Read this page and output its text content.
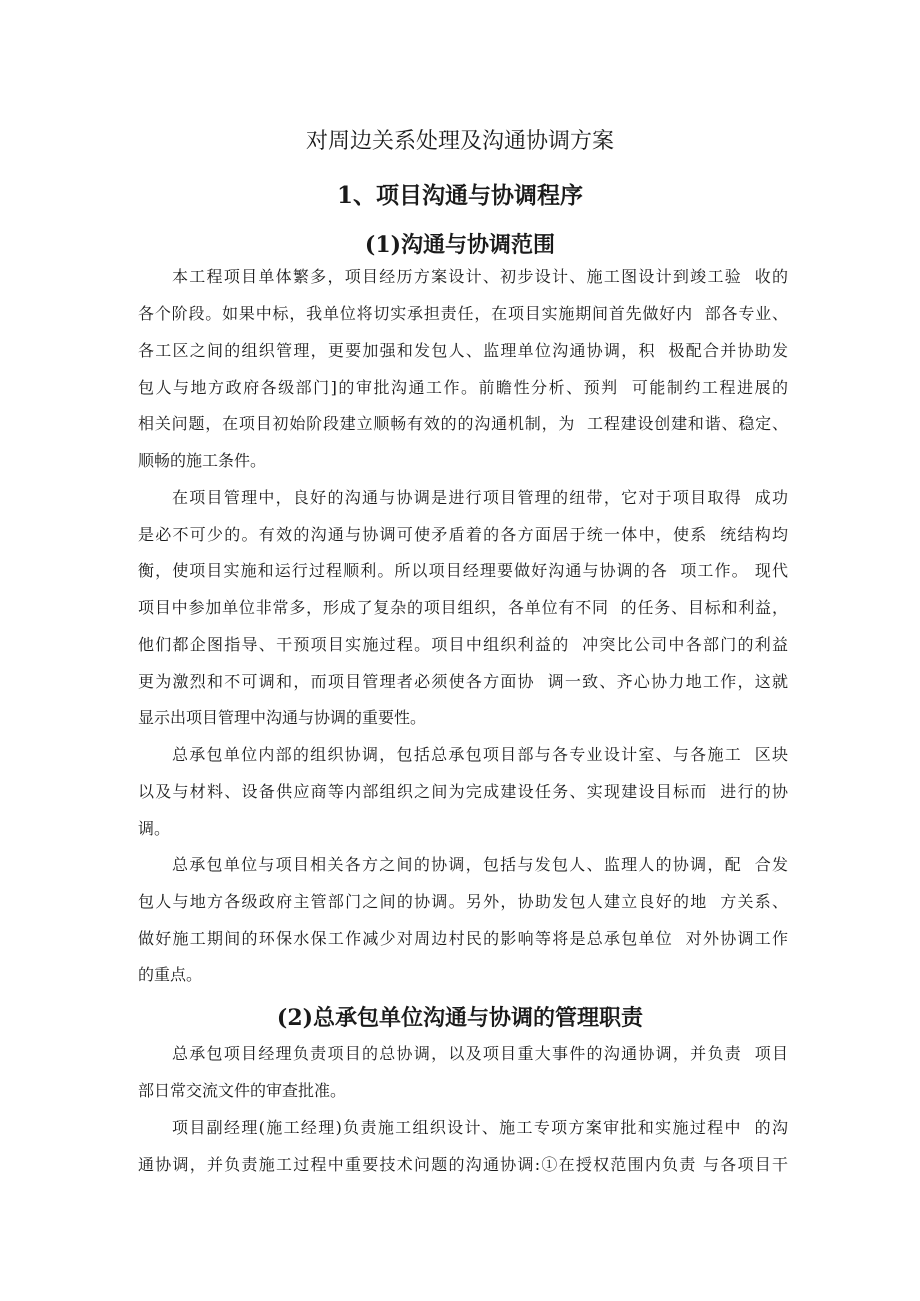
对周边关系处理及沟通协调方案
1、项目沟通与协调程序
(1)沟通与协调范围
本工程项目单体繁多，项目经历方案设计、初步设计、施工图设计到竣工验  收的
各个阶段。如果中标，我单位将切实承担责任，在项目实施期间首先做好内  部各专业、
各工区之间的组织管理，更要加强和发包人、监理单位沟通协调，积  极配合并协助发
包人与地方政府各级部门]的审批沟通工作。前瞻性分析、预判  可能制约工程进展的
相关问题，在项目初始阶段建立顺畅有效的的沟通机制，为  工程建设创建和谐、稳定、
顺畅的施工条件。
在项目管理中，良好的沟通与协调是进行项目管理的纽带，它对于项目取得  成功
是必不可少的。有效的沟通与协调可使矛盾着的各方面居于统一体中，使系  统结构均
衡，使项目实施和运行过程顺利。所以项目经理要做好沟通与协调的各  项工作。 现代
项目中参加单位非常多，形成了复杂的项目组织，各单位有不同  的任务、目标和利益，
他们都企图指导、干预项目实施过程。项目中组织利益的  冲突比公司中各部门的利益
更为激烈和不可调和，而项目管理者必须使各方面协  调一致、齐心协力地工作，这就
显示出项目管理中沟通与协调的重要性。
总承包单位内部的组织协调，包括总承包项目部与各专业设计室、与各施工  区块
以及与材料、设备供应商等内部组织之间为完成建设任务、实现建设目标而  进行的协
调。
总承包单位与项目相关各方之间的协调，包括与发包人、监理人的协调，配  合发
包人与地方各级政府主管部门之间的协调。另外，协助发包人建立良好的地  方关系、
做好施工期间的环保水保工作减少对周边村民的影响等将是总承包单位  对外协调工作
的重点。
(2)总承包单位沟通与协调的管理职责
总承包项目经理负责项目的总协调，以及项目重大事件的沟通协调，并负责  项目
部日常交流文件的审查批准。
项目副经理(施工经理)负责施工组织设计、施工专项方案审批和实施过程中  的沟
通协调，并负责施工过程中重要技术问题的沟通协调:①在授权范围内负责 与各项目干
